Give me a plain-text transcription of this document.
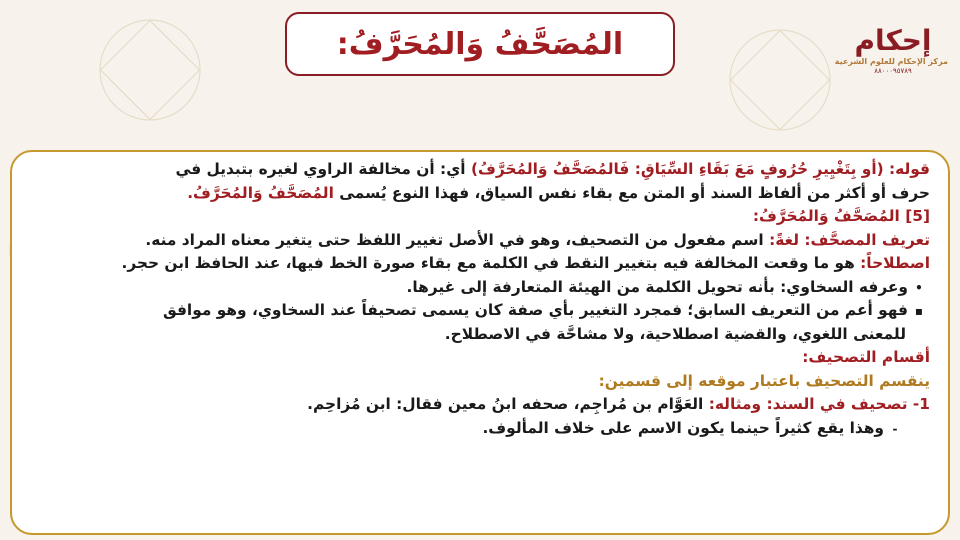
المُصَحَّفُ وَالمُحَرَّفُ:	إحكام
مركز الإحكام للعلوم الشرعية
٨٨٠٠٠٩٥٧٨٩
قوله: (أَو بِتَغْيِيرِ حُرُوفٍ مَعَ بَقَاءِ السِّيَاقِ: فَالمُصَحَّفُ وَالمُحَرَّفُ) أي: أن مخالفة الراوي لغيره بتبديل في
حرف أو أكثر من ألفاظ السند أو المتن مع بقاء نفس السياق، فهذا النوع يُسمى المُصَحَّفُ وَالمُحَرَّفُ.
[5] المُصَحَّفُ وَالمُحَرَّفُ:
تعريف المصحَّف: لغةً: اسم مفعول من التصحيف، وهو في الأصل تغيير اللفظ حتى يتغير معناه المراد منه.
اصطلاحاً: هو ما وقعت المخالفة فيه بتغيير النقط في الكلمة مع بقاء صورة الخط فيها، عند الحافظ ابن حجر.
•وعرفه السخاوي: بأنه تحويل الكلمة من الهيئة المتعارفة إلى غيرها.
▪فهو أعم من التعريف السابق؛ فمجرد التغيير بأي صفة كان يسمى تصحيفاً عند السخاوي، وهو موافق
للمعنى اللغوي، والقضية اصطلاحية، ولا مشاحَّة في الاصطلاح.
أقسام التصحيف:
ينقسم التصحيف باعتبار موقعه إلى قسمين:
1- تصحيف في السند: ومثاله: العَوَّام بن مُراجِم، صحفه ابنُ معين فقال: ابن مُزاحِم.
-وهذا يقع كثيراً حينما يكون الاسم على خلاف المألوف.
